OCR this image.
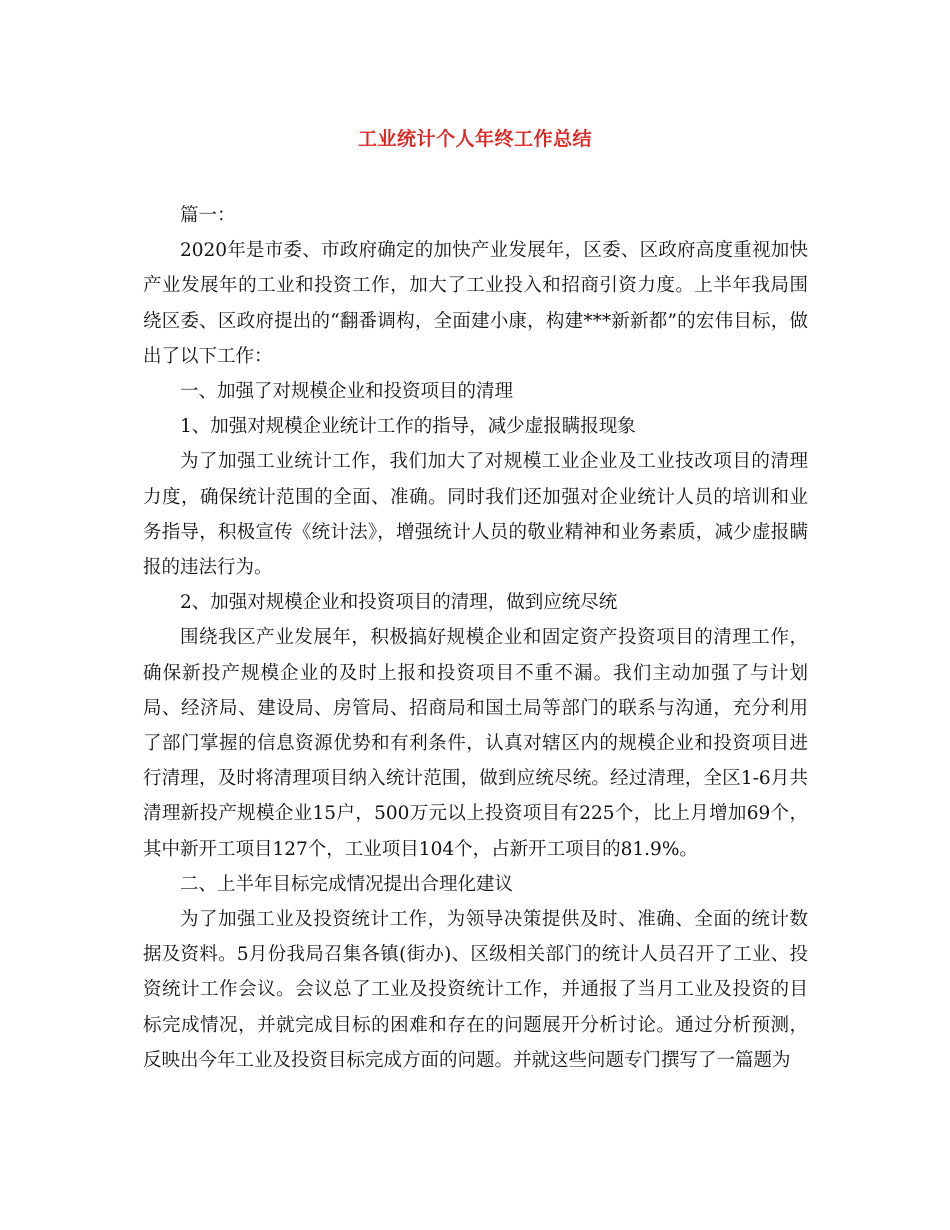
工业统计个人年终工作总结

篇一：

2020年是市委、市政府确定的加快产业发展年，区委、区政府高度重视加快产业发展年的工业和投资工作，加大了工业投入和招商引资力度。上半年我局围绕区委、区政府提出的“翻番调构，全面建小康，构建***新新都”的宏伟目标，做出了以下工作：

一、加强了对规模企业和投资项目的清理

1、加强对规模企业统计工作的指导，减少虚报瞒报现象

为了加强工业统计工作，我们加大了对规模工业企业及工业技改项目的清理力度，确保统计范围的全面、准确。同时我们还加强对企业统计人员的培训和业务指导，积极宣传《统计法》，增强统计人员的敬业精神和业务素质，减少虚报瞒报的违法行为。

2、加强对规模企业和投资项目的清理，做到应统尽统

围绕我区产业发展年，积极搞好规模企业和固定资产投资项目的清理工作，确保新投产规模企业的及时上报和投资项目不重不漏。我们主动加强了与计划局、经济局、建设局、房管局、招商局和国土局等部门的联系与沟通，充分利用了部门掌握的信息资源优势和有利条件，认真对辖区内的规模企业和投资项目进行清理，及时将清理项目纳入统计范围，做到应统尽统。经过清理，全区1-6月共清理新投产规模企业15户，500万元以上投资项目有225个，比上月增加69个，其中新开工项目127个，工业项目104个，占新开工项目的81.9%。

二、上半年目标完成情况提出合理化建议

为了加强工业及投资统计工作，为领导决策提供及时、准确、全面的统计数据及资料。5月份我局召集各镇(街办)、区级相关部门的统计人员召开了工业、投资统计工作会议。会议总了工业及投资统计工作，并通报了当月工业及投资的目标完成情况，并就完成目标的困难和存在的问题展开分析讨论。通过分析预测，反映出今年工业及投资目标完成方面的问题。并就这些问题专门撰写了一篇题为
